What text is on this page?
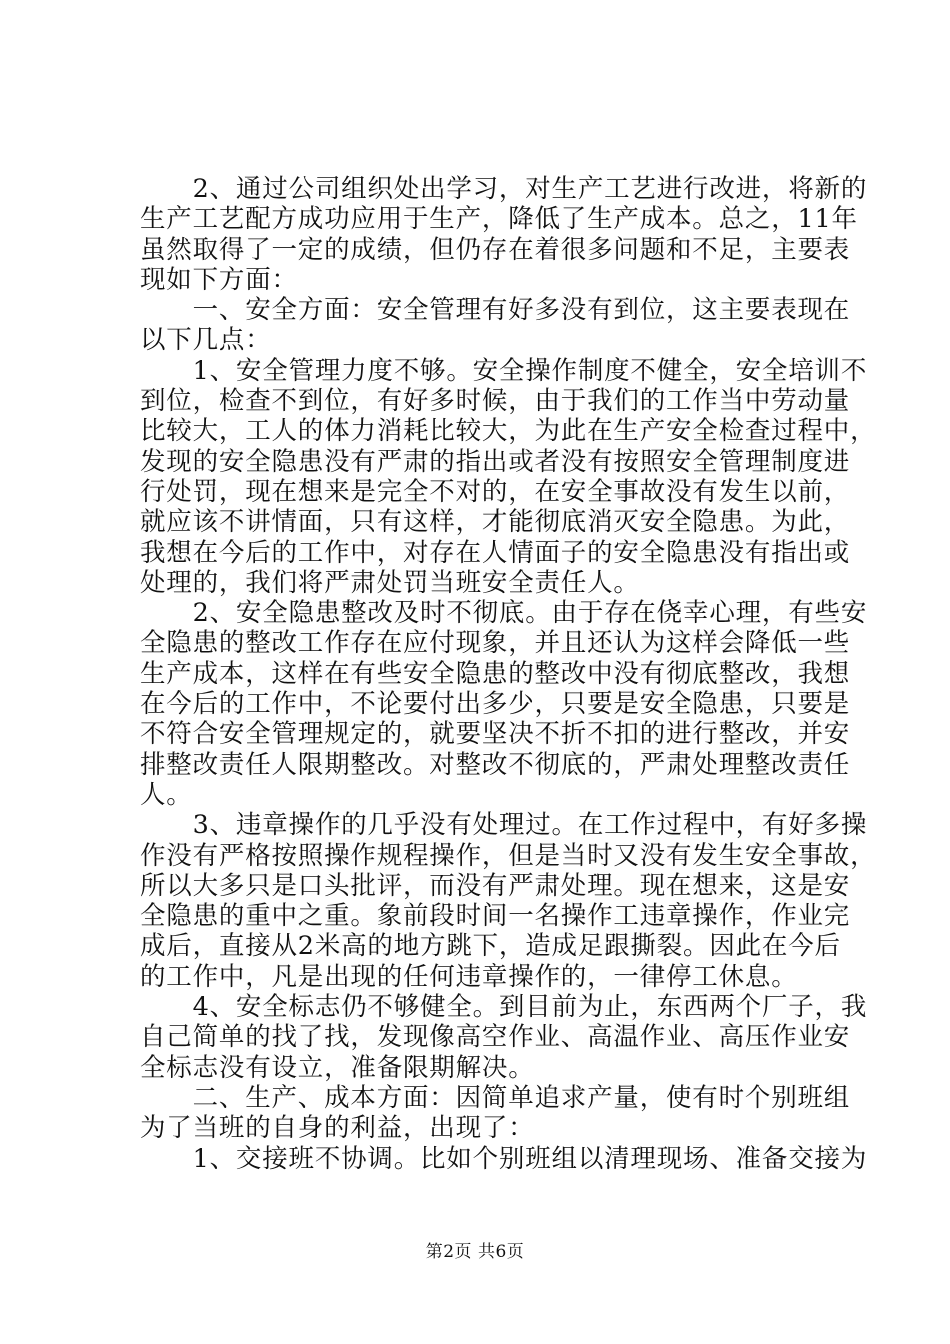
　　2、通过公司组织处出学习，对生产工艺进行改进，将新的
生产工艺配方成功应用于生产，降低了生产成本。总之，11年
虽然取得了一定的成绩，但仍存在着很多问题和不足，主要表
现如下方面：
　　一、安全方面：安全管理有好多没有到位，这主要表现在
以下几点：
　　1、安全管理力度不够。安全操作制度不健全，安全培训不
到位，检查不到位，有好多时候，由于我们的工作当中劳动量
比较大，工人的体力消耗比较大，为此在生产安全检查过程中，
发现的安全隐患没有严肃的指出或者没有按照安全管理制度进
行处罚，现在想来是完全不对的，在安全事故没有发生以前，
就应该不讲情面，只有这样，才能彻底消灭安全隐患。为此，
我想在今后的工作中，对存在人情面子的安全隐患没有指出或
处理的，我们将严肃处罚当班安全责任人。
　　2、安全隐患整改及时不彻底。由于存在侥幸心理，有些安
全隐患的整改工作存在应付现象，并且还认为这样会降低一些
生产成本，这样在有些安全隐患的整改中没有彻底整改，我想
在今后的工作中，不论要付出多少，只要是安全隐患，只要是
不符合安全管理规定的，就要坚决不折不扣的进行整改，并安
排整改责任人限期整改。对整改不彻底的，严肃处理整改责任
人。
　　3、违章操作的几乎没有处理过。在工作过程中，有好多操
作没有严格按照操作规程操作，但是当时又没有发生安全事故，
所以大多只是口头批评，而没有严肃处理。现在想来，这是安
全隐患的重中之重。象前段时间一名操作工违章操作，作业完
成后，直接从2米高的地方跳下，造成足跟撕裂。因此在今后
的工作中，凡是出现的任何违章操作的，一律停工休息。
　　4、安全标志仍不够健全。到目前为止，东西两个厂子，我
自己简单的找了找，发现像高空作业、高温作业、高压作业安
全标志没有设立，准备限期解决。
　　二、生产、成本方面：因简单追求产量，使有时个别班组
为了当班的自身的利益，出现了：
　　1、交接班不协调。比如个别班组以清理现场、准备交接为
第2页 共6页
